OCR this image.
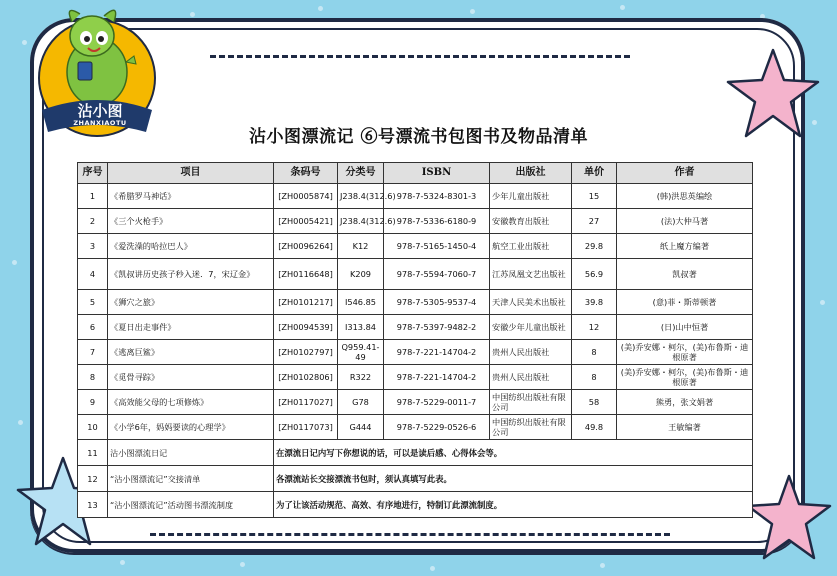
沾小图
ZHANXIAOTU
沾小图漂流记 ⑥号漂流书包图书及物品清单
序号	项目	条码号	分类号	ISBN	出版社	单价	作者
1	《希腊罗马神话》	[ZH0005874]	J238.4(312.6)	978-7-5324-8301-3	少年儿童出版社	15	(韩)洪思英编绘
2	《三个火枪手》	[ZH0005421]	J238.4(312.6)	978-7-5336-6180-9	安徽教育出版社	27	(法)大仲马著
3	《爱洗澡的哈拉巴人》	[ZH0096264]	K12	978-7-5165-1450-4	航空工业出版社	29.8	纸上魔方编著
4	《凯叔讲历史孩子秒入迷．7，宋辽金》	[ZH0116648]	K209	978-7-5594-7060-7	江苏凤凰文艺出版社	56.9	凯叔著
5	《狮穴之旅》	[ZH0101217]	I546.85	978-7-5305-9537-4	天津人民美术出版社	39.8	(意)菲・斯蒂顿著
6	《夏日出走事件》	[ZH0094539]	I313.84	978-7-5397-9482-2	安徽少年儿童出版社	12	(日)山中恒著
7	《逃离巨鲨》	[ZH0102797]	Q959.41-49	978-7-221-14704-2	贵州人民出版社	8	(美)乔安娜・柯尔，(美)布鲁斯・迪根原著
8	《觅骨寻踪》	[ZH0102806]	R322	978-7-221-14704-2	贵州人民出版社	8	(美)乔安娜・柯尔，(美)布鲁斯・迪根原著
9	《高效能父母的七项修炼》	[ZH0117027]	G78	978-7-5229-0011-7	中国纺织出版社有限公司	58	熊勇，张文娟著
10	《小学6年，妈妈要读的心理学》	[ZH0117073]	G444	978-7-5229-0526-6	中国纺织出版社有限公司	49.8	王敏编著
11	沾小图漂流日记	在漂流日记内写下你想说的话，可以是读后感、心得体会等。					
12	“沾小图漂流记”交接清单	各漂流站长交接漂流书包时，须认真填写此表。					
13	“沾小图漂流记”活动图书漂流制度	为了让该活动规范、高效、有序地进行，特制订此漂流制度。					
